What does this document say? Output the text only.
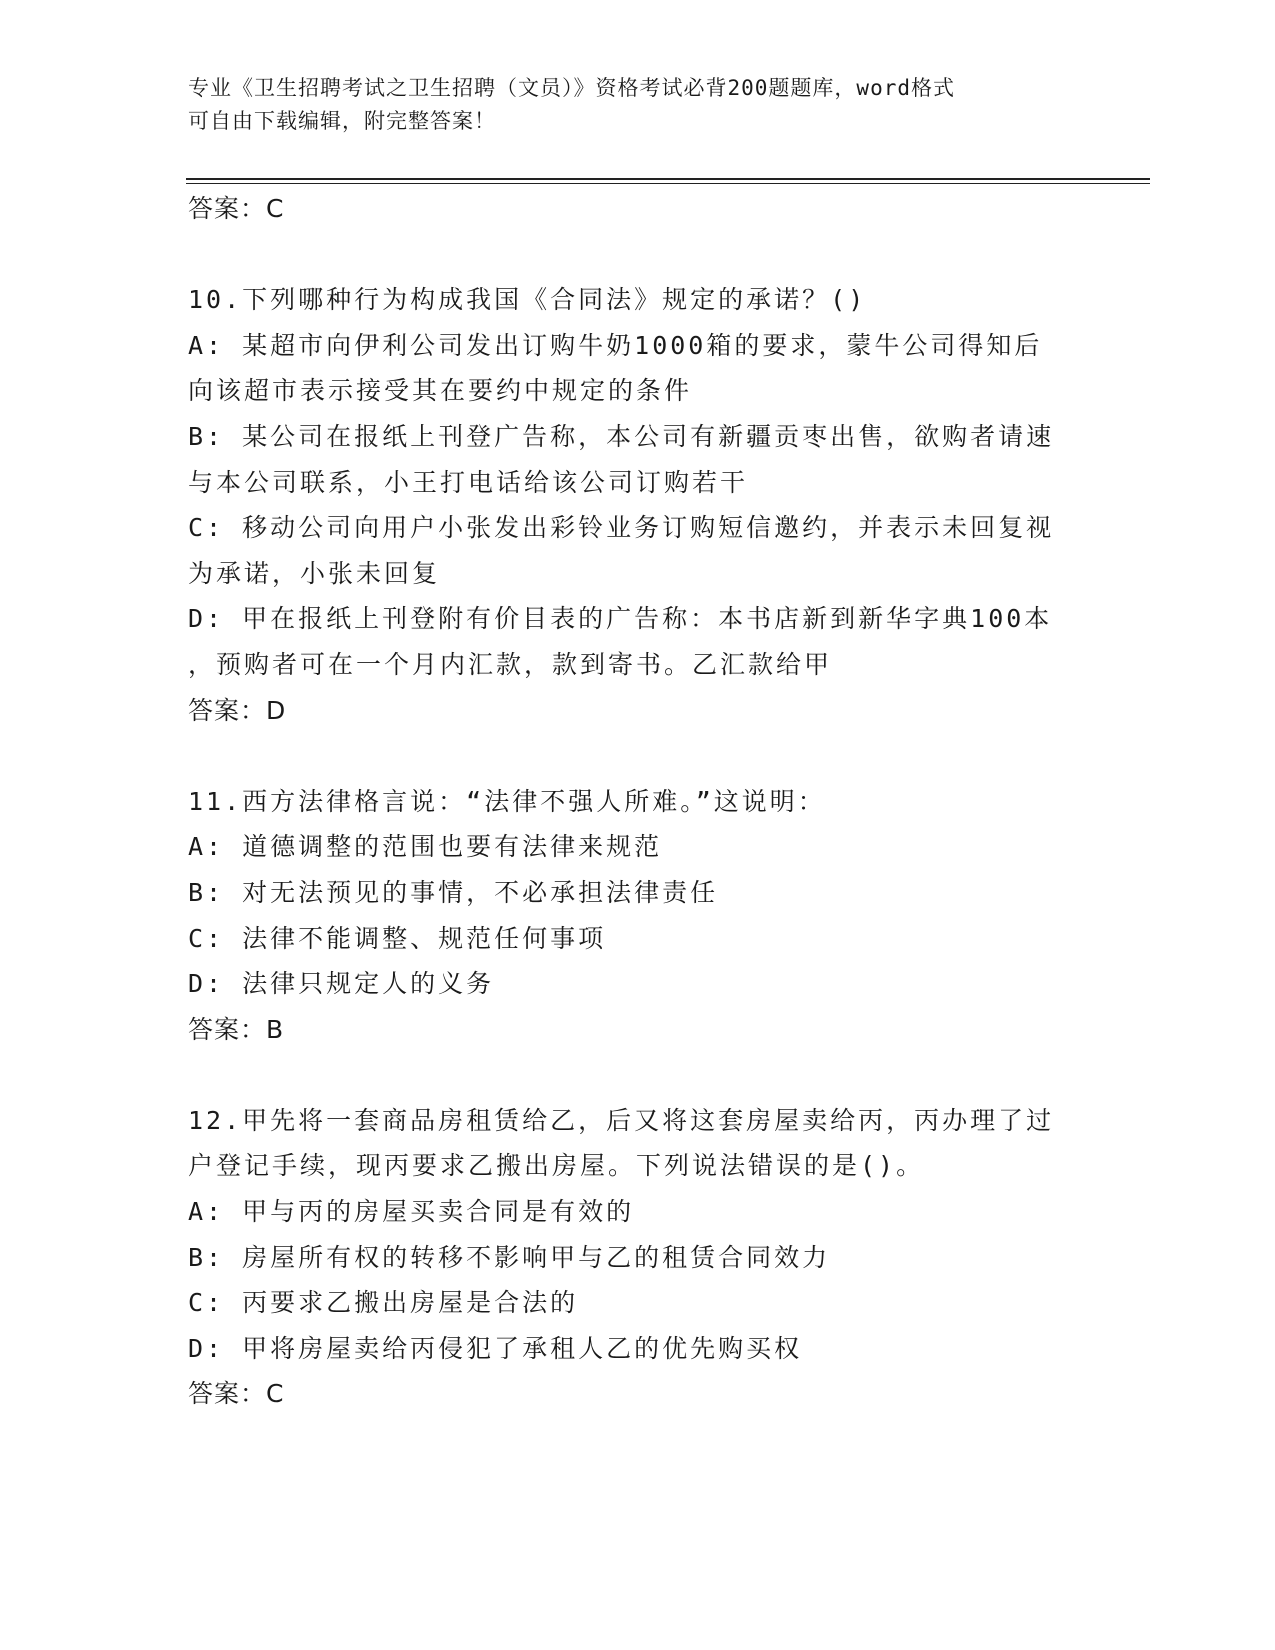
专业《卫生招聘考试之卫生招聘（文员）》资格考试必背200题题库，word格式
可自由下载编辑，附完整答案！
答案：C
10.下列哪种行为构成我国《合同法》规定的承诺？()
A: 某超市向伊利公司发出订购牛奶1000箱的要求，蒙牛公司得知后
向该超市表示接受其在要约中规定的条件
B: 某公司在报纸上刊登广告称，本公司有新疆贡枣出售，欲购者请速
与本公司联系，小王打电话给该公司订购若干
C: 移动公司向用户小张发出彩铃业务订购短信邀约，并表示未回复视
为承诺，小张未回复
D: 甲在报纸上刊登附有价目表的广告称：本书店新到新华字典100本
，预购者可在一个月内汇款，款到寄书。乙汇款给甲
答案：D
11.西方法律格言说：“法律不强人所难。”这说明：
A: 道德调整的范围也要有法律来规范
B: 对无法预见的事情，不必承担法律责任
C: 法律不能调整、规范任何事项
D: 法律只规定人的义务
答案：B
12.甲先将一套商品房租赁给乙，后又将这套房屋卖给丙，丙办理了过
户登记手续，现丙要求乙搬出房屋。下列说法错误的是()。
A: 甲与丙的房屋买卖合同是有效的
B: 房屋所有权的转移不影响甲与乙的租赁合同效力
C: 丙要求乙搬出房屋是合法的
D: 甲将房屋卖给丙侵犯了承租人乙的优先购买权
答案：C
